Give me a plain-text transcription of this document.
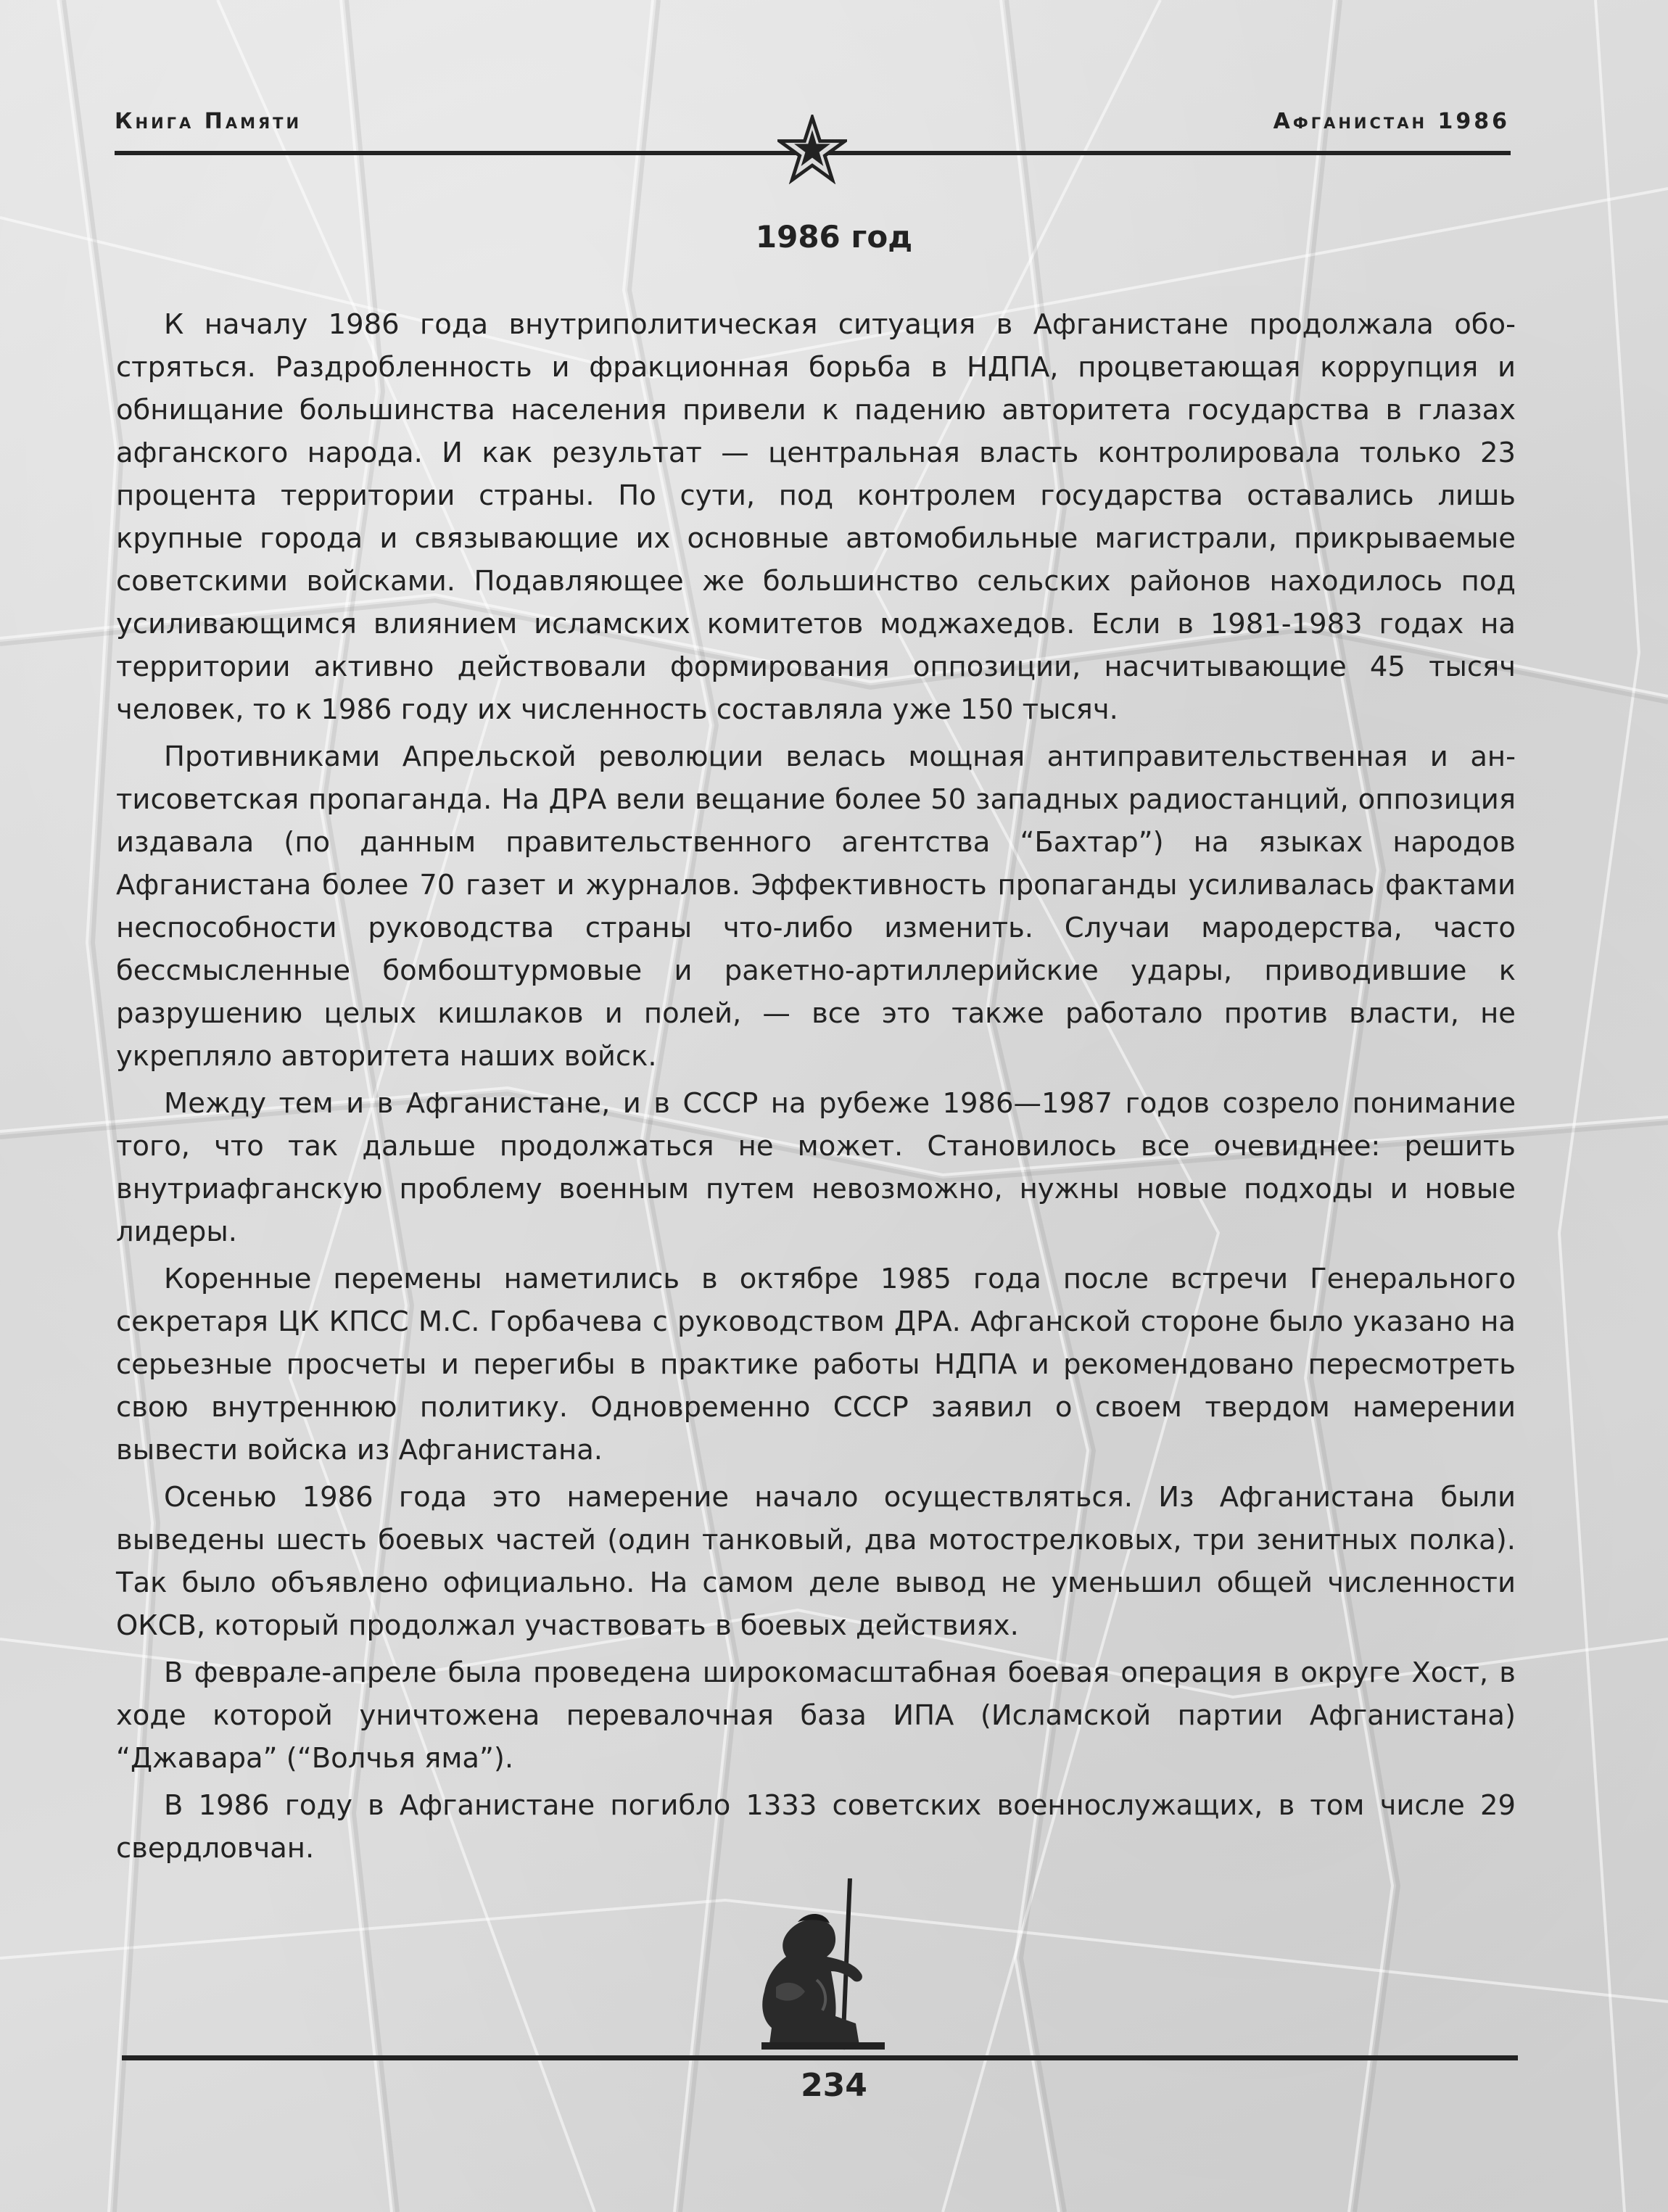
Книга Памяти	Афганистан 1986
1986 год

К началу 1986 года внутриполитическая ситуация в Афганистане продолжала обостряться. Раздробленность и фракционная борьба в НДПА, процветающая коррупция и обнищание большинства населения привели к падению авторитета государства в глазах афганского народа. И как результат — центральная власть контролировала только 23 процента территории страны. По сути, под контролем государства оставались лишь крупные города и связывающие их основные автомобильные магистрали, прикрываемые советскими войсками. Подавляющее же большинство сельских районов находилось под усиливающимся влиянием исламских комитетов моджахедов. Если в 1981-1983 годах на территории активно действовали формирования оппозиции, насчитывающие 45 тысяч человек, то к 1986 году их численность составляла уже 150 тысяч.

Противниками Апрельской революции велась мощная антиправительственная и антисоветская пропаганда. На ДРА вели вещание более 50 западных радиостанций, оппозиция издавала (по данным правительственного агентства “Бахтар”) на языках народов Афганистана более 70 газет и журналов. Эффективность пропаганды усиливалась фактами неспособности руководства страны что-либо изменить. Случаи мародерства, часто бессмысленные бомбоштурмовые и ракетно-артиллерийские удары, приводившие к разрушению целых кишлаков и полей, — все это также работало против власти, не укрепляло авторитета наших войск.

Между тем и в Афганистане, и в СССР на рубеже 1986—1987 годов созрело понимание того, что так дальше продолжаться не может. Становилось все очевиднее: решить внутриафганскую проблему военным путем невозможно, нужны новые подходы и новые лидеры.

Коренные перемены наметились в октябре 1985 года после встречи Генерального секретаря ЦК КПСС М.С. Горбачева с руководством ДРА. Афганской стороне было указано на серьезные просчеты и перегибы в практике работы НДПА и рекомендовано пересмотреть свою внутреннюю политику. Одновременно СССР заявил о своем твердом намерении вывести войска из Афганистана.

Осенью 1986 года это намерение начало осуществляться. Из Афганистана были выведены шесть боевых частей (один танковый, два мотострелковых, три зенитных полка). Так было объявлено официально. На самом деле вывод не уменьшил общей численности ОКСВ, который продолжал участвовать в боевых действиях.

В феврале-апреле была проведена широкомасштабная боевая операция в округе Хост, в ходе которой уничтожена перевалочная база ИПА (Исламской партии Афганистана) “Джавара” (“Волчья яма”).

В 1986 году в Афганистане погибло 1333 советских военнослужащих, в том числе 29 свердловчан.

234
